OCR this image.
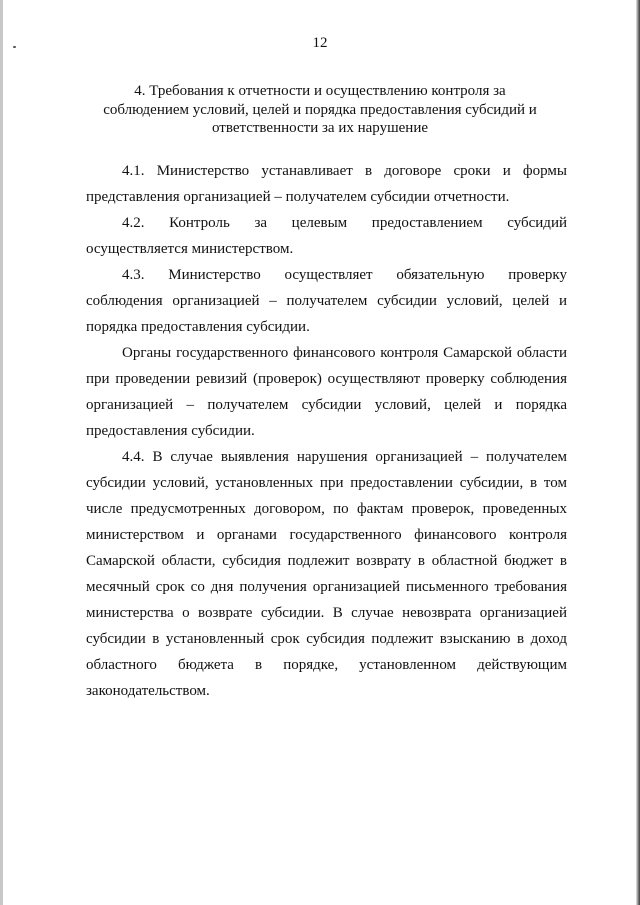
12
4. Требования к отчетности и осуществлению контроля за соблюдением условий, целей и порядка предоставления субсидий и ответственности за их нарушение

4.1. Министерство устанавливает в договоре сроки и формы представления организацией – получателем субсидии отчетности.

4.2. Контроль за целевым предоставлением субсидий осуществляется министерством.

4.3. Министерство осуществляет обязательную проверку соблюдения организацией – получателем субсидии условий, целей и порядка предоставления субсидии.

Органы государственного финансового контроля Самарской области при проведении ревизий (проверок) осуществляют проверку соблюдения организацией – получателем субсидии условий, целей и порядка предоставления субсидии.

4.4. В случае выявления нарушения организацией – получателем субсидии условий, установленных при предоставлении субсидии, в том числе предусмотренных договором, по фактам проверок, проведенных министерством и органами государственного финансового контроля Самарской области, субсидия подлежит возврату в областной бюджет в месячный срок со дня получения организацией письменного требования министерства о возврате субсидии. В случае невозврата организацией субсидии в установленный срок субсидия подлежит взысканию в доход областного бюджета в порядке, установленном действующим законодательством.
